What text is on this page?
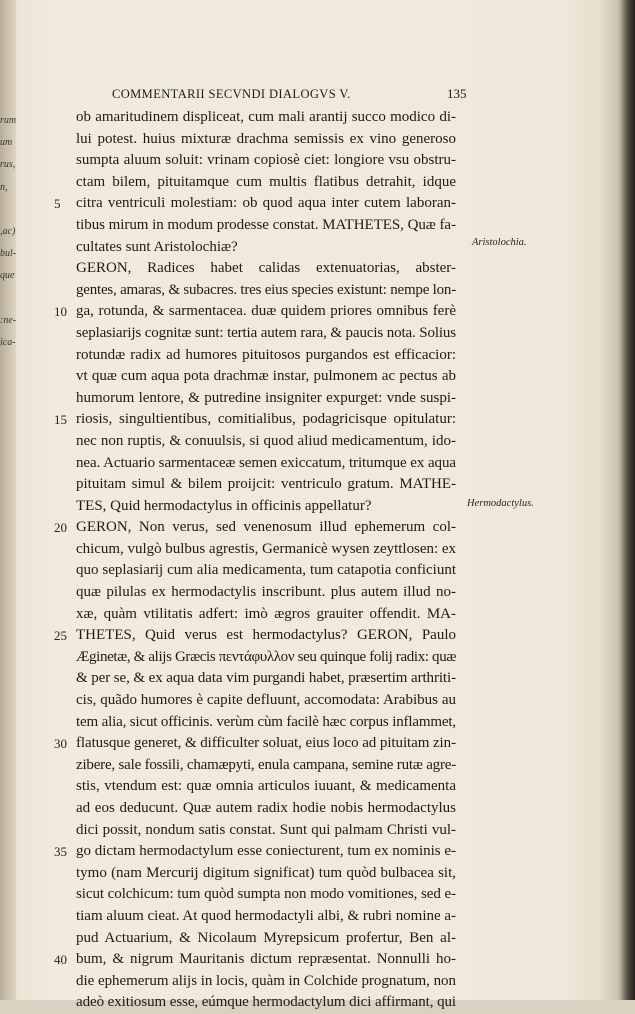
rum
um
rus,
n,
,ac)
bul-
que
:ne-
ica-
COMMENTARII SECVNDI DIALOGVS V.	135
ob amaritudinem displiceat, cum mali arantij succo modico di-
lui potest. huius mixturæ drachma semissis ex vino generoso
sumpta aluum soluit: vrinam copiosè ciet: longiore vsu obstru-
ctam bilem, pituitamque cum multis flatibus detrahit, idque
5 citra ventriculi molestiam: ob quod aqua inter cutem laboran-
tibus mirum in modum prodesse constat. MATHETES, Quæ fa-
cultates sunt Aristolochiæ?
GERON, Radices habet calidas extenuatorias, abster-
gentes, amaras, & subacres. tres eius species existunt: nempe lon-
10 ga, rotunda, & sarmentacea. duæ quidem priores omnibus ferè
seplasiarijs cognitæ sunt: tertia autem rara, & paucis nota. Solius
rotundæ radix ad humores pituitosos purgandos est efficacior:
vt quæ cum aqua pota drachmæ instar, pulmonem ac pectus ab
humorum lentore, & putredine insigniter expurget: vnde suspi-
15 riosis, singultientibus, comitialibus, podagricisque opitulatur:
nec non ruptis, & conuulsis, si quod aliud medicamentum, ido-
nea. Actuario sarmentaceæ semen exiccatum, tritumque ex aqua
pituitam simul & bilem proijcit: ventriculo gratum. MATHE-
TES, Quid hermodactylus in officinis appellatur?
20 GERON, Non verus, sed venenosum illud ephemerum col-
chicum, vulgò bulbus agrestis, Germanicè wysen zeyttlosen: ex
quo seplasiarij cum alia medicamenta, tum catapotia conficiunt
quæ pilulas ex hermodactylis inscribunt. plus autem illud no-
xæ, quàm vtilitatis adfert: imò ægros grauiter offendit. MA-
25 THETES, Quid verus est hermodactylus? GERON, Paulo
Æginetæ, & alijs Græcis πεντάφυλλον seu quinque folij radix: quæ
& per se, & ex aqua data vim purgandi habet, præsertim arthriti-
cis, quãdo humores è capite defluunt, accomodata: Arabibus au
tem alia, sicut officinis. verùm cùm facilè hæc corpus inflammet,
30 flatusque generet, & difficulter soluat, eius loco ad pituitam zin-
zibere, sale fossili, chamæpyti, enula campana, semine rutæ agre-
stis, vtendum est: quæ omnia articulos iuuant, & medicamenta
ad eos deducunt. Quæ autem radix hodie nobis hermodactylus
dici possit, nondum satis constat. Sunt qui palmam Christi vul-
35 go dictam hermodactylum esse coniecturent, tum ex nominis e-
tymo (nam Mercurij digitum significat) tum quòd bulbacea sit,
sicut colchicum: tum quòd sumpta non modo vomitiones, sed e-
tiam aluum cieat. At quod hermodactyli albi, & rubri nomine a-
pud Actuarium, & Nicolaum Myrepsicum profertur, Ben al-
40 bum, & nigrum Mauritanis dictum repræsentat. Nonnulli ho-
die ephemerum alijs in locis, quàm in Colchide prognatum, non
adeò exitiosum esse, eúmque hermodactylum dici affirmant, qui
Aristolochia.
Hermodactylus.
